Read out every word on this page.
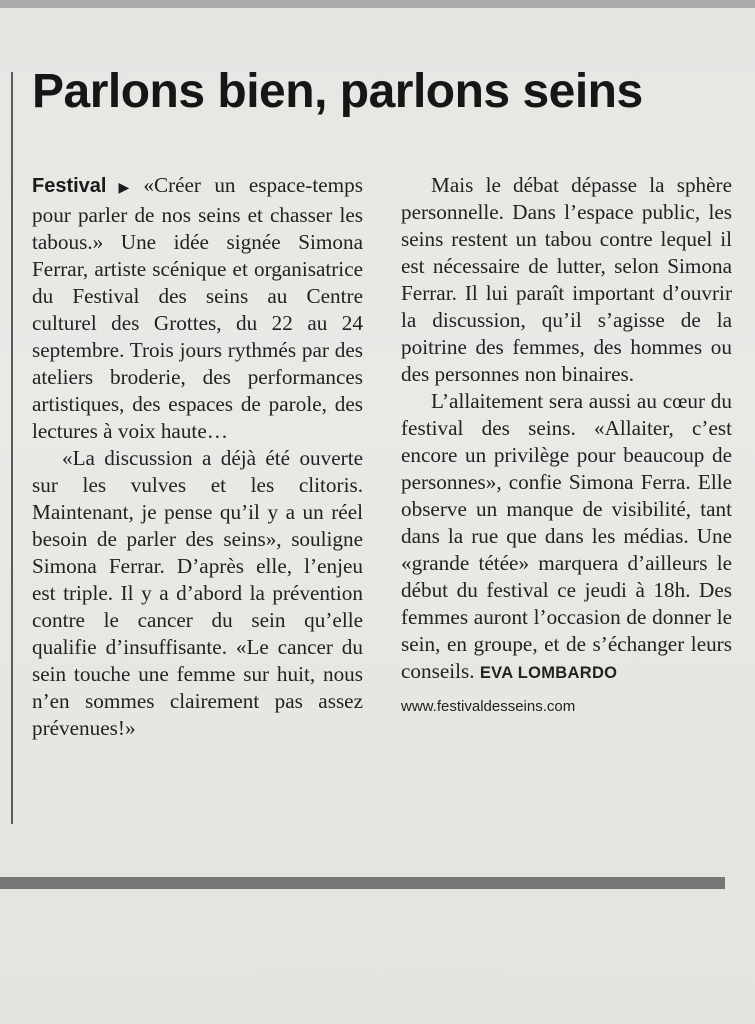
Parlons bien, parlons seins

Festival ▶ «Créer un espace-temps pour parler de nos seins et chasser les tabous.» Une idée signée Simona Ferrar, artiste scénique et organisatrice du Festival des seins au Centre culturel des Grottes, du 22 au 24 septembre. Trois jours rythmés par des ateliers broderie, des performances artistiques, des espaces de parole, des lectures à voix haute…

«La discussion a déjà été ouverte sur les vulves et les clitoris. Maintenant, je pense qu’il y a un réel besoin de parler des seins», souligne Simona Ferrar. D’après elle, l’enjeu est triple. Il y a d’abord la prévention contre le cancer du sein qu’elle qualifie d’insuffisante. «Le cancer du sein touche une femme sur huit, nous n’en sommes clairement pas assez prévenues!»

Mais le débat dépasse la sphère personnelle. Dans l’espace public, les seins restent un tabou contre lequel il est nécessaire de lutter, selon Simona Ferrar. Il lui paraît important d’ouvrir la discussion, qu’il s’agisse de la poitrine des femmes, des hommes ou des personnes non binaires.

L’allaitement sera aussi au cœur du festival des seins. «Allaiter, c’est encore un privilège pour beaucoup de personnes», confie Simona Ferra. Elle observe un manque de visibilité, tant dans la rue que dans les médias. Une «grande tétée» marquera d’ailleurs le début du festival ce jeudi à 18h. Des femmes auront l’occasion de donner le sein, en groupe, et de s’échanger leurs conseils. EVA LOMBARDO

www.festivaldesseins.com
